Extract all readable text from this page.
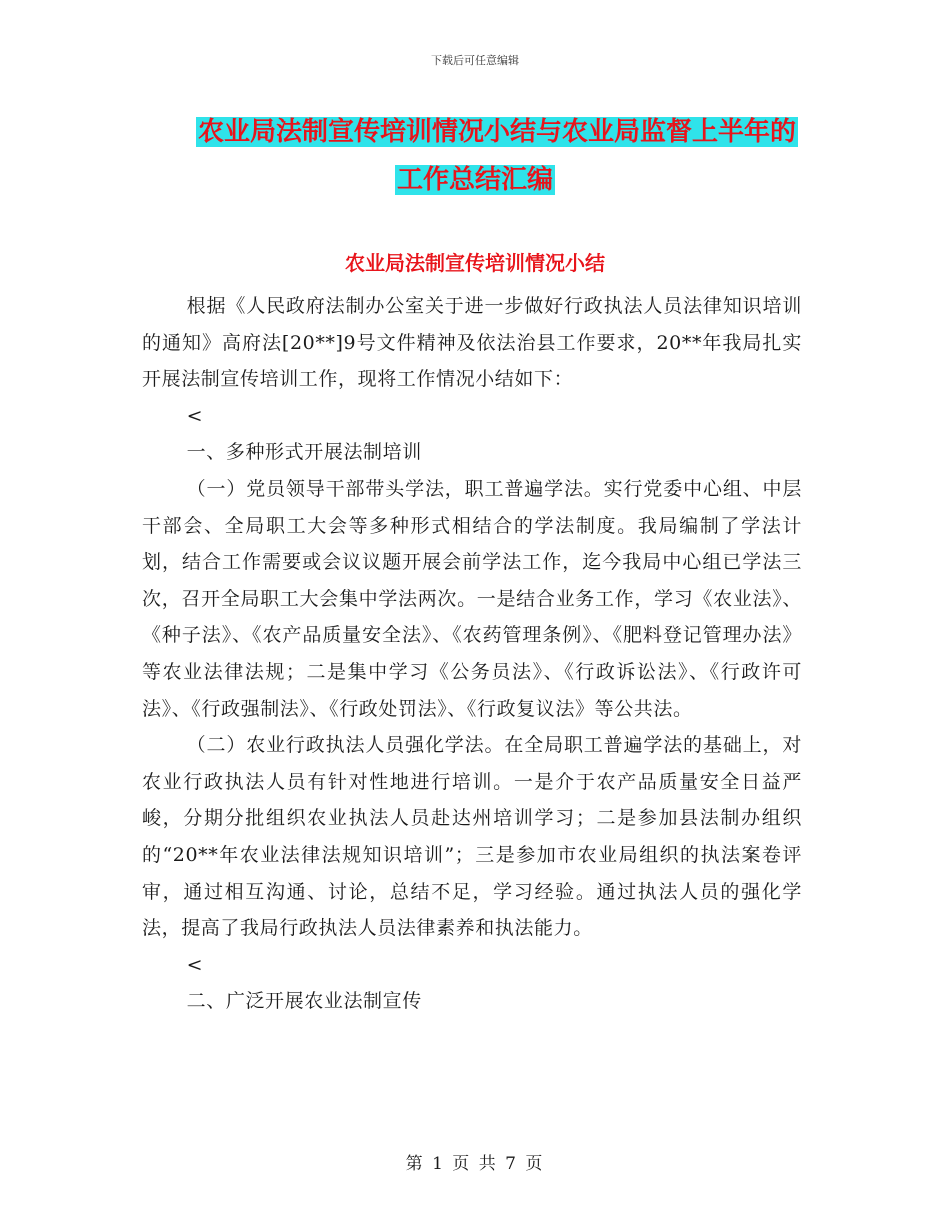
下载后可任意编辑
农业局法制宣传培训情况小结与农业局监督上半年的
工作总结汇编
农业局法制宣传培训情况小结

根据《人民政府法制办公室关于进一步做好行政执法人员法律知识培训的通知》高府法[20**]9号文件精神及依法治县工作要求，20**年我局扎实开展法制宣传培训工作，现将工作情况小结如下：

<

一、多种形式开展法制培训

（一）党员领导干部带头学法，职工普遍学法。实行党委中心组、中层干部会、全局职工大会等多种形式相结合的学法制度。我局编制了学法计划，结合工作需要或会议议题开展会前学法工作，迄今我局中心组已学法三次，召开全局职工大会集中学法两次。一是结合业务工作，学习《农业法》、《种子法》、《农产品质量安全法》、《农药管理条例》、《肥料登记管理办法》等农业法律法规；二是集中学习《公务员法》、《行政诉讼法》、《行政许可法》、《行政强制法》、《行政处罚法》、《行政复议法》等公共法。

（二）农业行政执法人员强化学法。在全局职工普遍学法的基础上，对农业行政执法人员有针对性地进行培训。一是介于农产品质量安全日益严峻，分期分批组织农业执法人员赴达州培训学习；二是参加县法制办组织的“20**年农业法律法规知识培训”；三是参加市农业局组织的执法案卷评审，通过相互沟通、讨论，总结不足，学习经验。通过执法人员的强化学法，提高了我局行政执法人员法律素养和执法能力。

<

二、广泛开展农业法制宣传

第 1 页 共 7 页
